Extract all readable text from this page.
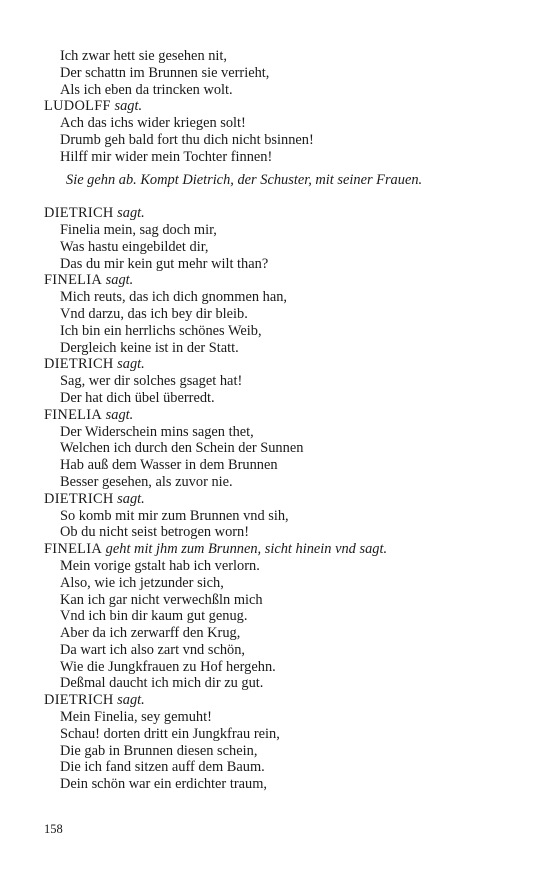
Ich zwar hett sie gesehen nit,
Der schattn im Brunnen sie verrieht,
Als ich eben da trincken wolt.
LUDOLFF sagt.
Ach das ichs wider kriegen solt!
Drumb geh bald fort thu dich nicht bsinnen!
Hilff mir wider mein Tochter finnen!
Sie gehn ab. Kompt Dietrich, der Schuster, mit seiner Frauen.
DIETRICH sagt.
Finelia mein, sag doch mir,
Was hastu eingebildet dir,
Das du mir kein gut mehr wilt than?
FINELIA sagt.
Mich reuts, das ich dich gnommen han,
Vnd darzu, das ich bey dir bleib.
Ich bin ein herrlichs schönes Weib,
Dergleich keine ist in der Statt.
DIETRICH sagt.
Sag, wer dir solches gsaget hat!
Der hat dich übel überredt.
FINELIA sagt.
Der Widerschein mins sagen thet,
Welchen ich durch den Schein der Sunnen
Hab auß dem Wasser in dem Brunnen
Besser gesehen, als zuvor nie.
DIETRICH sagt.
So komb mit mir zum Brunnen vnd sih,
Ob du nicht seist betrogen worn!
FINELIA geht mit jhm zum Brunnen, sicht hinein vnd sagt.
Mein vorige gstalt hab ich verlorn.
Also, wie ich jetzunder sich,
Kan ich gar nicht verwechßln mich
Vnd ich bin dir kaum gut genug.
Aber da ich zerwarff den Krug,
Da wart ich also zart vnd schön,
Wie die Jungkfrauen zu Hof hergehn.
Deßmal daucht ich mich dir zu gut.
DIETRICH sagt.
Mein Finelia, sey gemuht!
Schau! dorten dritt ein Jungkfrau rein,
Die gab in Brunnen diesen schein,
Die ich fand sitzen auff dem Baum.
Dein schön war ein erdichter traum,
158
